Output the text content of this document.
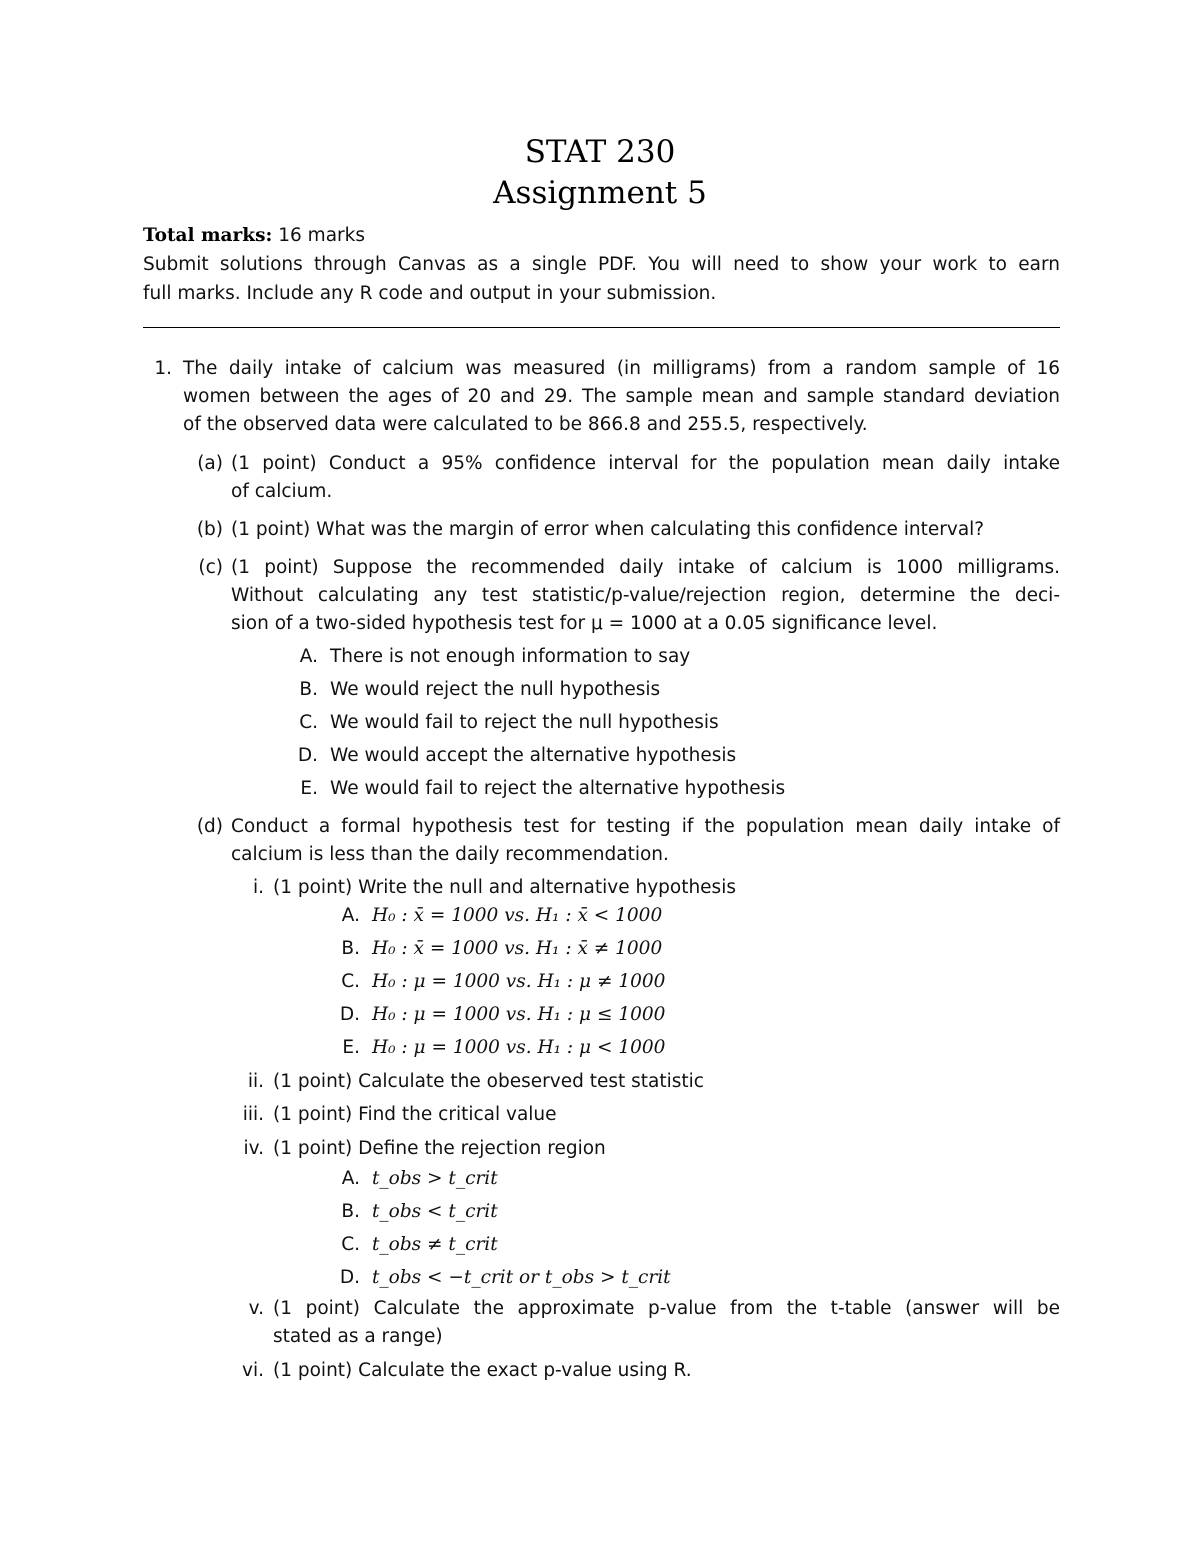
STAT 230
Assignment 5
Total marks: 16 marks
Submit solutions through Canvas as a single PDF. You will need to show your work to earn
full marks. Include any R code and output in your submission.
1. The daily intake of calcium was measured (in milligrams) from a random sample of 16
women between the ages of 20 and 29. The sample mean and sample standard deviation
of the observed data were calculated to be 866.8 and 255.5, respectively.
(a) (1 point) Conduct a 95% confidence interval for the population mean daily intake
of calcium.
(b) (1 point) What was the margin of error when calculating this confidence interval?
(c) (1 point) Suppose the recommended daily intake of calcium is 1000 milligrams.
Without calculating any test statistic/p-value/rejection region, determine the deci-
sion of a two-sided hypothesis test for μ = 1000 at a 0.05 significance level.
A. There is not enough information to say
B. We would reject the null hypothesis
C. We would fail to reject the null hypothesis
D. We would accept the alternative hypothesis
E. We would fail to reject the alternative hypothesis
(d) Conduct a formal hypothesis test for testing if the population mean daily intake of
calcium is less than the daily recommendation.
i. (1 point) Write the null and alternative hypothesis
A. H₀ : x̄ = 1000 vs. H₁ : x̄ < 1000
B. H₀ : x̄ = 1000 vs. H₁ : x̄ ≠ 1000
C. H₀ : μ = 1000 vs. H₁ : μ ≠ 1000
D. H₀ : μ = 1000 vs. H₁ : μ ≤ 1000
E. H₀ : μ = 1000 vs. H₁ : μ < 1000
ii. (1 point) Calculate the obeserved test statistic
iii. (1 point) Find the critical value
iv. (1 point) Define the rejection region
A. t_obs > t_crit
B. t_obs < t_crit
C. t_obs ≠ t_crit
D. t_obs < −t_crit or t_obs > t_crit
v. (1 point) Calculate the approximate p-value from the t-table (answer will be
stated as a range)
vi. (1 point) Calculate the exact p-value using R.
